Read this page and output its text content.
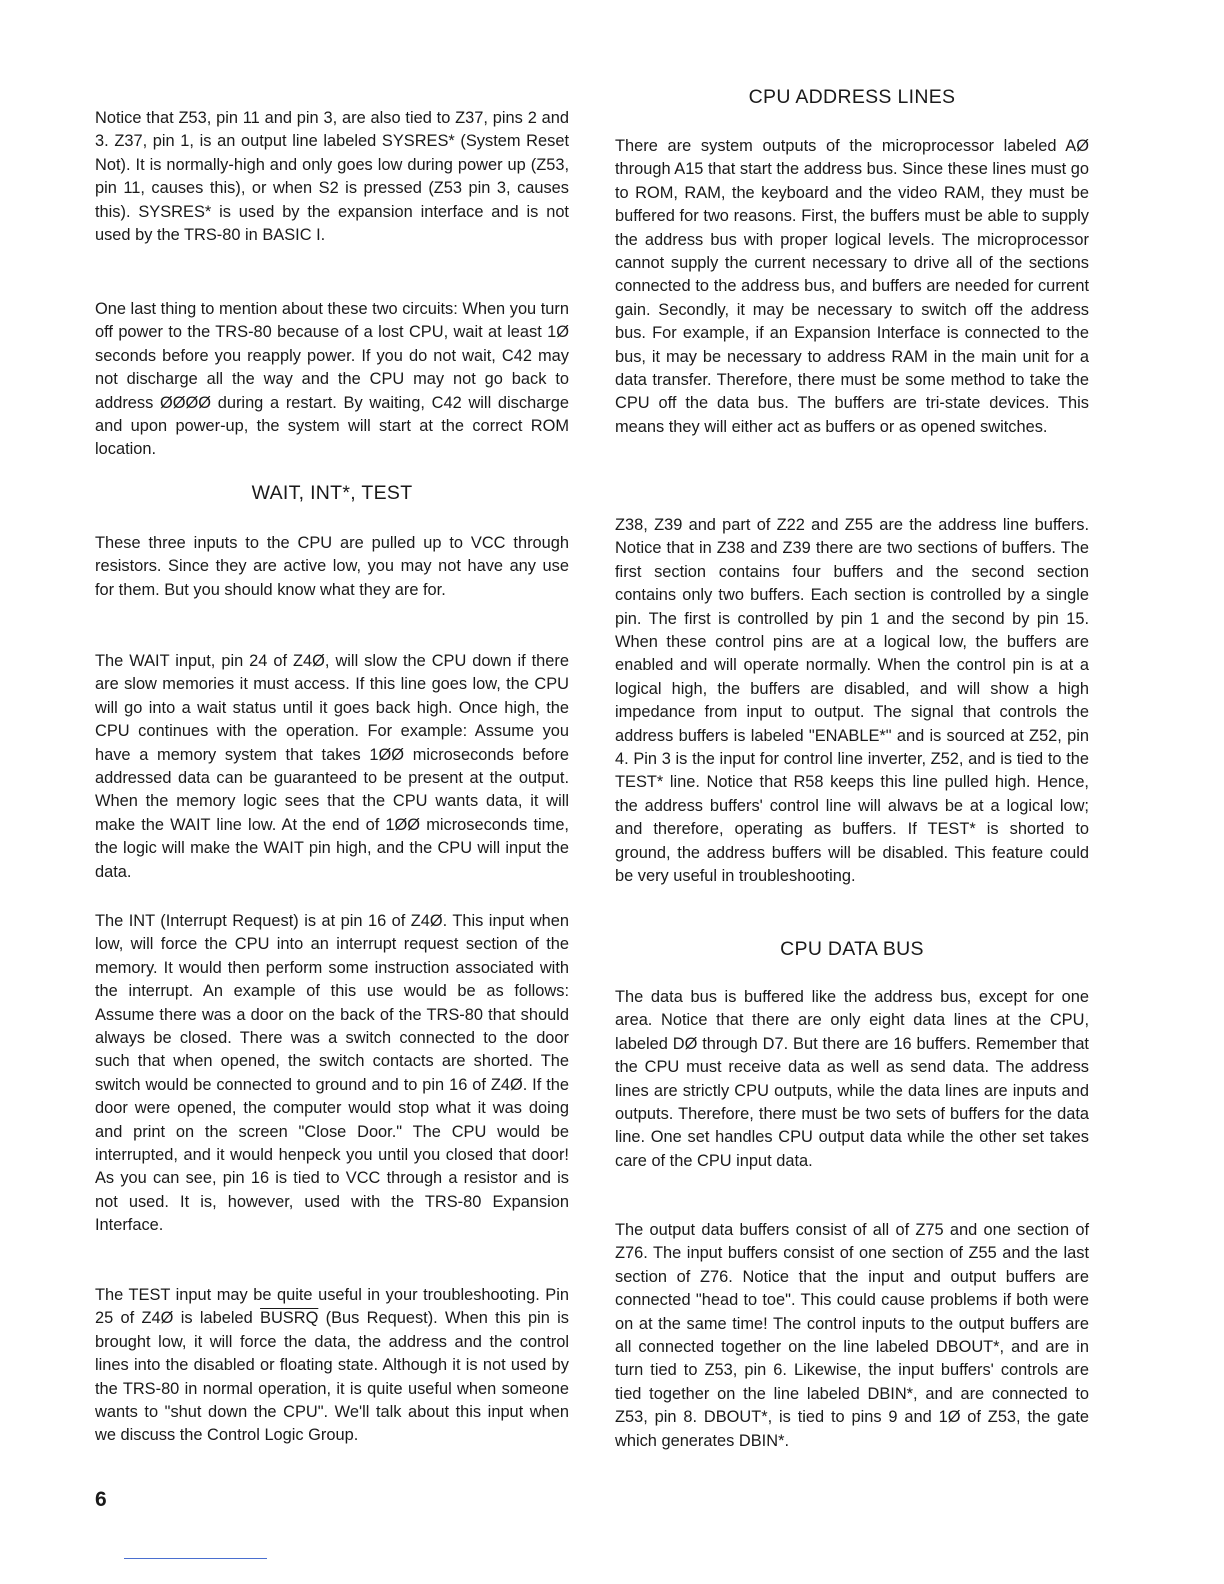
Notice that Z53, pin 11 and pin 3, are also tied to Z37, pins 2 and 3. Z37, pin 1, is an output line labeled SYSRES* (System Reset Not). It is normally-high and only goes low during power up (Z53, pin 11, causes this), or when S2 is pressed (Z53 pin 3, causes this). SYSRES* is used by the expansion interface and is not used by the TRS-80 in BASIC I.

One last thing to mention about these two circuits: When you turn off power to the TRS-80 because of a lost CPU, wait at least 1Ø seconds before you reapply power. If you do not wait, C42 may not discharge all the way and the CPU may not go back to address ØØØØ during a restart. By waiting, C42 will discharge and upon power-up, the system will start at the correct ROM location.

WAIT, INT*, TEST

These three inputs to the CPU are pulled up to VCC through resistors. Since they are active low, you may not have any use for them. But you should know what they are for.

The WAIT input, pin 24 of Z4Ø, will slow the CPU down if there are slow memories it must access. If this line goes low, the CPU will go into a wait status until it goes back high. Once high, the CPU continues with the operation. For example: Assume you have a memory system that takes 1ØØ microseconds before addressed data can be guaranteed to be present at the output. When the memory logic sees that the CPU wants data, it will make the WAIT line low. At the end of 1ØØ microseconds time, the logic will make the WAIT pin high, and the CPU will input the data.

The INT (Interrupt Request) is at pin 16 of Z4Ø. This input when low, will force the CPU into an interrupt request section of the memory. It would then perform some instruction associated with the interrupt. An example of this use would be as follows: Assume there was a door on the back of the TRS-80 that should always be closed. There was a switch connected to the door such that when opened, the switch contacts are shorted. The switch would be connected to ground and to pin 16 of Z4Ø. If the door were opened, the computer would stop what it was doing and print on the screen "Close Door." The CPU would be interrupted, and it would henpeck you until you closed that door! As you can see, pin 16 is tied to VCC through a resistor and is not used. It is, however, used with the TRS-80 Expansion Interface.

The TEST input may be quite useful in your troubleshooting. Pin 25 of Z4Ø is labeled BUSRQ (Bus Request). When this pin is brought low, it will force the data, the address and the control lines into the disabled or floating state. Although it is not used by the TRS-80 in normal operation, it is quite useful when someone wants to "shut down the CPU". We'll talk about this input when we discuss the Control Logic Group.

CPU ADDRESS LINES

There are system outputs of the microprocessor labeled AØ through A15 that start the address bus. Since these lines must go to ROM, RAM, the keyboard and the video RAM, they must be buffered for two reasons. First, the buffers must be able to supply the address bus with proper logical levels. The microprocessor cannot supply the current necessary to drive all of the sections connected to the address bus, and buffers are needed for current gain. Secondly, it may be necessary to switch off the address bus. For example, if an Expansion Interface is connected to the bus, it may be necessary to address RAM in the main unit for a data transfer. Therefore, there must be some method to take the CPU off the data bus. The buffers are tri-state devices. This means they will either act as buffers or as opened switches.

Z38, Z39 and part of Z22 and Z55 are the address line buffers. Notice that in Z38 and Z39 there are two sections of buffers. The first section contains four buffers and the second section contains only two buffers. Each section is controlled by a single pin. The first is controlled by pin 1 and the second by pin 15. When these control pins are at a logical low, the buffers are enabled and will operate normally. When the control pin is at a logical high, the buffers are disabled, and will show a high impedance from input to output. The signal that controls the address buffers is labeled "ENABLE*" and is sourced at Z52, pin 4. Pin 3 is the input for control line inverter, Z52, and is tied to the TEST* line. Notice that R58 keeps this line pulled high. Hence, the address buffers' control line will alwavs be at a logical low; and therefore, operating as buffers. If TEST* is shorted to ground, the address buffers will be disabled. This feature could be very useful in troubleshooting.

CPU DATA BUS

The data bus is buffered like the address bus, except for one area. Notice that there are only eight data lines at the CPU, labeled DØ through D7. But there are 16 buffers. Remember that the CPU must receive data as well as send data. The address lines are strictly CPU outputs, while the data lines are inputs and outputs. Therefore, there must be two sets of buffers for the data line. One set handles CPU output data while the other set takes care of the CPU input data.

The output data buffers consist of all of Z75 and one section of Z76. The input buffers consist of one section of Z55 and the last section of Z76. Notice that the input and output buffers are connected "head to toe". This could cause problems if both were on at the same time! The control inputs to the output buffers are all connected together on the line labeled DBOUT*, and are in turn tied to Z53, pin 6. Likewise, the input buffers' controls are tied together on the line labeled DBIN*, and are connected to Z53, pin 8. DBOUT*, is tied to pins 9 and 1Ø of Z53, the gate which generates DBIN*.

6
